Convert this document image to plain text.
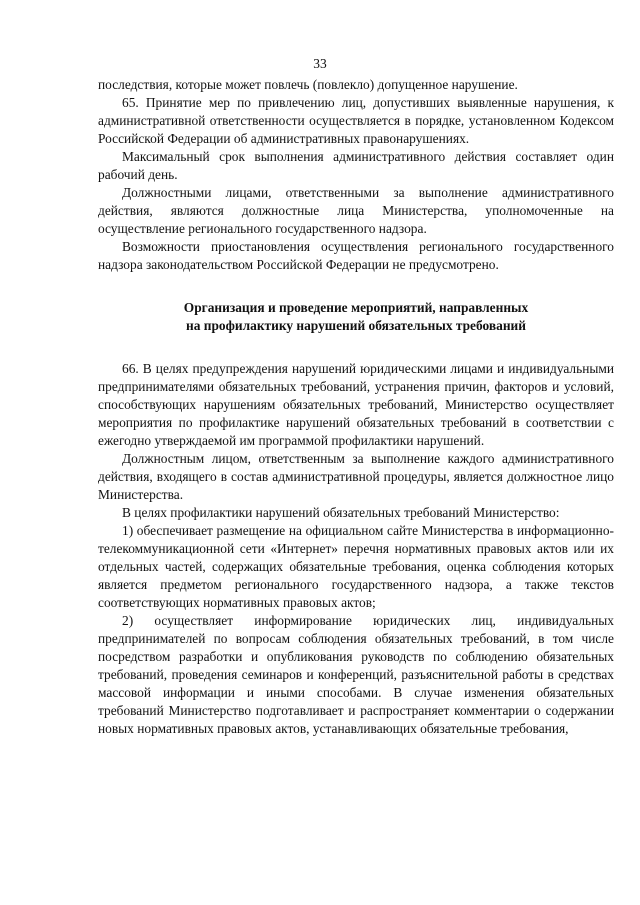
33

последствия, которые может повлечь (повлекло) допущенное нарушение.

65. Принятие мер по привлечению лиц, допустивших выявленные нарушения, к административной ответственности осуществляется в порядке, установленном Кодексом Российской Федерации об административных правонарушениях.

Максимальный срок выполнения административного действия составляет один рабочий день.

Должностными лицами, ответственными за выполнение административного действия, являются должностные лица Министерства, уполномоченные на осуществление регионального государственного надзора.

Возможности приостановления осуществления регионального государственного надзора законодательством Российской Федерации не предусмотрено.

Организация и проведение мероприятий, направленных
на профилактику нарушений обязательных требований

66. В целях предупреждения нарушений юридическими лицами и индивидуальными предпринимателями обязательных требований, устранения причин, факторов и условий, способствующих нарушениям обязательных требований, Министерство осуществляет мероприятия по профилактике нарушений обязательных требований в соответствии с ежегодно утверждаемой им программой профилактики нарушений.

Должностным лицом, ответственным за выполнение каждого административного действия, входящего в состав административной процедуры, является должностное лицо Министерства.

В целях профилактики нарушений обязательных требований Министерство:

1) обеспечивает размещение на официальном сайте Министерства в информационно-телекоммуникационной сети «Интернет» перечня нормативных правовых актов или их отдельных частей, содержащих обязательные требования, оценка соблюдения которых является предметом регионального государственного надзора, а также текстов соответствующих нормативных правовых актов;

2) осуществляет информирование юридических лиц, индивидуальных предпринимателей по вопросам соблюдения обязательных требований, в том числе посредством разработки и опубликования руководств по соблюдению обязательных требований, проведения семинаров и конференций, разъяснительной работы в средствах массовой информации и иными способами. В случае изменения обязательных требований Министерство подготавливает и распространяет комментарии о содержании новых нормативных правовых актов, устанавливающих обязательные требования,
